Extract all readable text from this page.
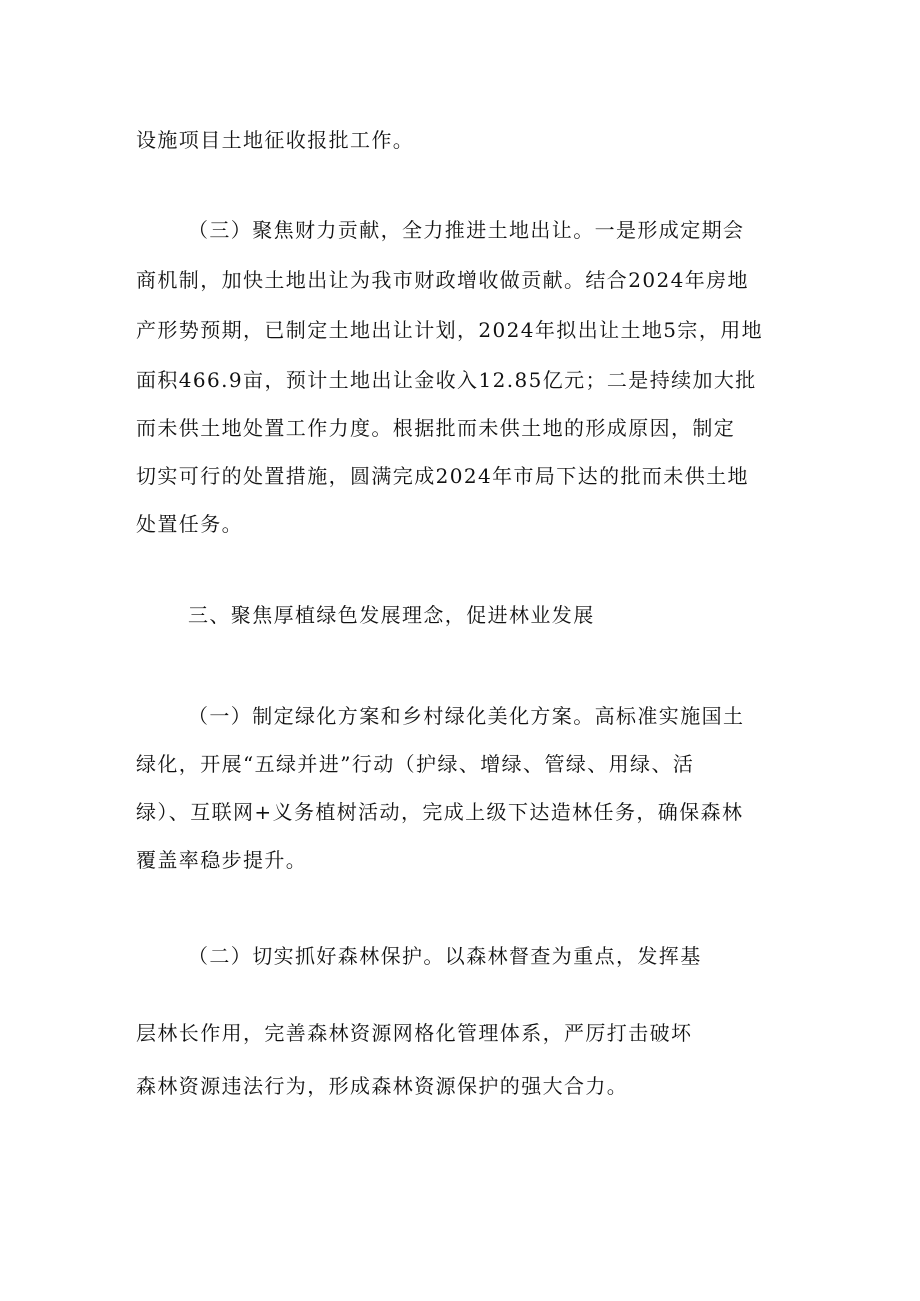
设施项目土地征收报批工作。
（三）聚焦财力贡献，全力推进土地出让。一是形成定期会
商机制，加快土地出让为我市财政增收做贡献。结合2024年房地
产形势预期，已制定土地出让计划，2024年拟出让土地5宗，用地
面积466.9亩，预计土地出让金收入12.85亿元；二是持续加大批
而未供土地处置工作力度。根据批而未供土地的形成原因，制定
切实可行的处置措施，圆满完成2024年市局下达的批而未供土地
处置任务。
三、聚焦厚植绿色发展理念，促进林业发展
（一）制定绿化方案和乡村绿化美化方案。高标准实施国土
绿化，开展“五绿并进”行动（护绿、增绿、管绿、用绿、活
绿）、互联网+义务植树活动，完成上级下达造林任务，确保森林
覆盖率稳步提升。
（二）切实抓好森林保护。以森林督查为重点，发挥基
层林长作用，完善森林资源网格化管理体系，严厉打击破坏
森林资源违法行为，形成森林资源保护的强大合力。
